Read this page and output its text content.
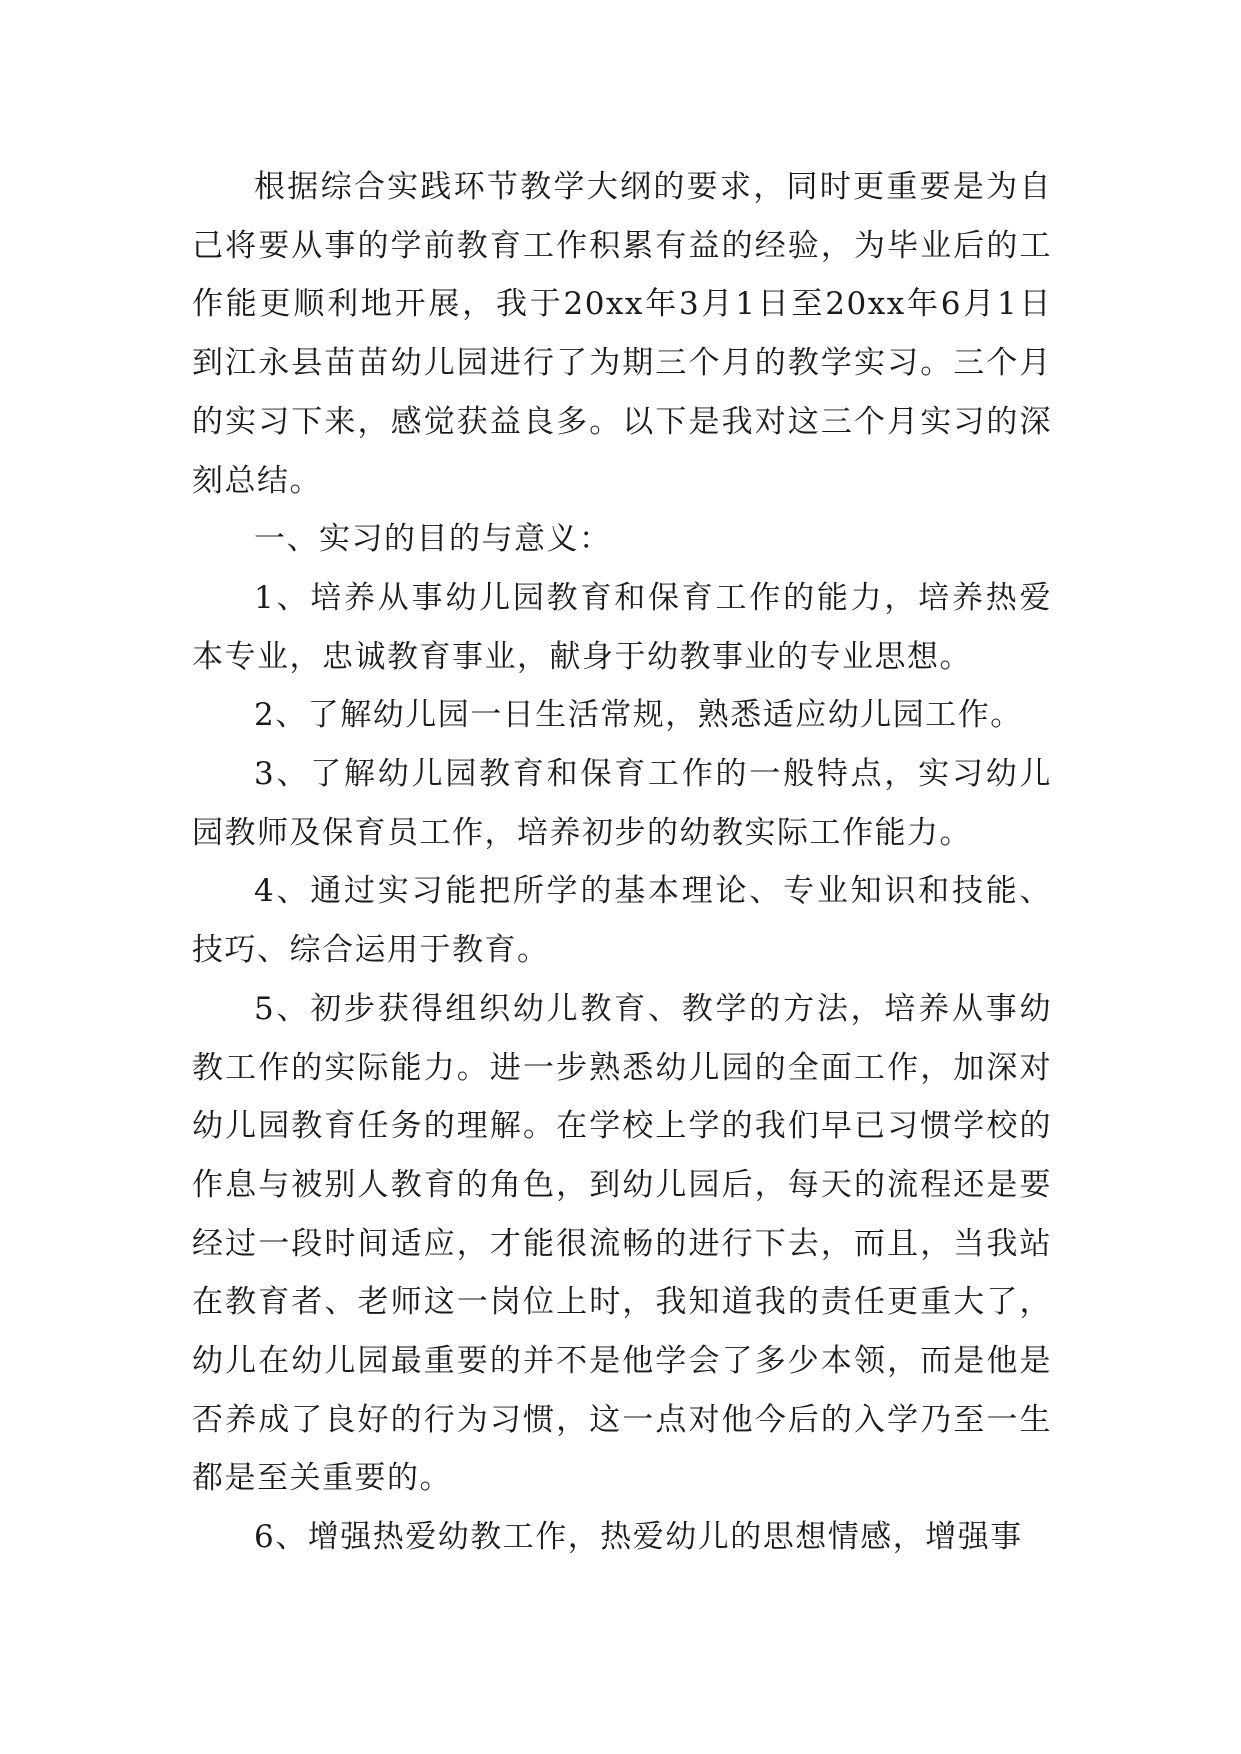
根据综合实践环节教学大纲的要求，同时更重要是为自己将要从事的学前教育工作积累有益的经验，为毕业后的工作能更顺利地开展，我于20xx年3月1日至20xx年6月1日到江永县苗苗幼儿园进行了为期三个月的教学实习。三个月的实习下来，感觉获益良多。以下是我对这三个月实习的深刻总结。

一、实习的目的与意义：

1、培养从事幼儿园教育和保育工作的能力，培养热爱本专业，忠诚教育事业，献身于幼教事业的专业思想。

2、了解幼儿园一日生活常规，熟悉适应幼儿园工作。

3、了解幼儿园教育和保育工作的一般特点，实习幼儿园教师及保育员工作，培养初步的幼教实际工作能力。

4、通过实习能把所学的基本理论、专业知识和技能、技巧、综合运用于教育。

5、初步获得组织幼儿教育、教学的方法，培养从事幼教工作的实际能力。进一步熟悉幼儿园的全面工作，加深对幼儿园教育任务的理解。在学校上学的我们早已习惯学校的作息与被别人教育的角色，到幼儿园后，每天的流程还是要经过一段时间适应，才能很流畅的进行下去，而且，当我站在教育者、老师这一岗位上时，我知道我的责任更重大了，幼儿在幼儿园最重要的并不是他学会了多少本领，而是他是否养成了良好的行为习惯，这一点对他今后的入学乃至一生都是至关重要的。

6、增强热爱幼教工作，热爱幼儿的思想情感，增强事
